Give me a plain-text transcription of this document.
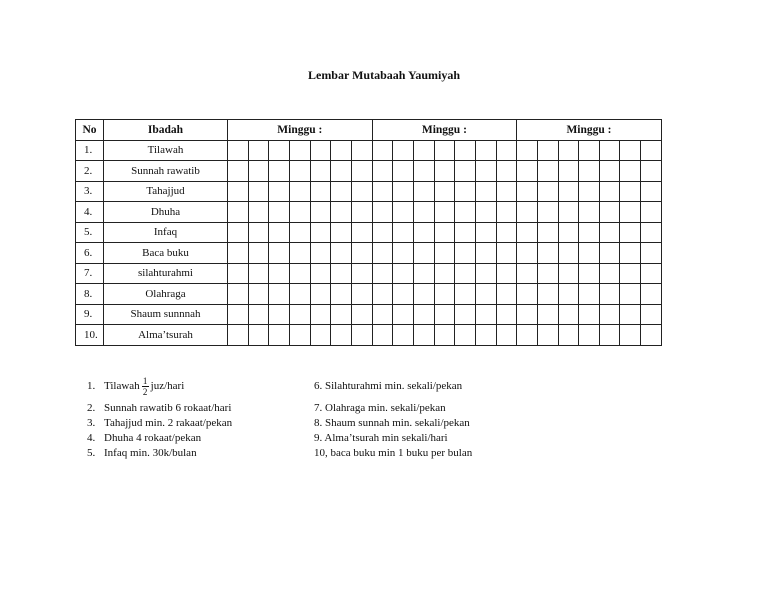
Lembar Mutabaah Yaumiyah
No	Ibadah	Minggu :							Minggu :							Minggu :						
1.	Tilawah																					
2.	Sunnah rawatib																					
3.	Tahajjud																					
4.	Dhuha																					
5.	Infaq																					
6.	Baca buku																					
7.	silahturahmi																					
8.	Olahraga																					
9.	Shaum sunnnah																					
10.	Alma’tsurah																					
1. Tilawah $\frac{1}{2}$ juz/hari
2. Sunnah rawatib 6 rokaat/hari
3. Tahajjud min. 2 rakaat/pekan
4. Dhuha 4 rokaat/pekan
5. Infaq min. 30k/bulan
6. Silahturahmi min. sekali/pekan
7. Olahraga min. sekali/pekan
8. Shaum sunnah min. sekali/pekan
9. Alma’tsurah min sekali/hari
10, baca buku min 1 buku per bulan
